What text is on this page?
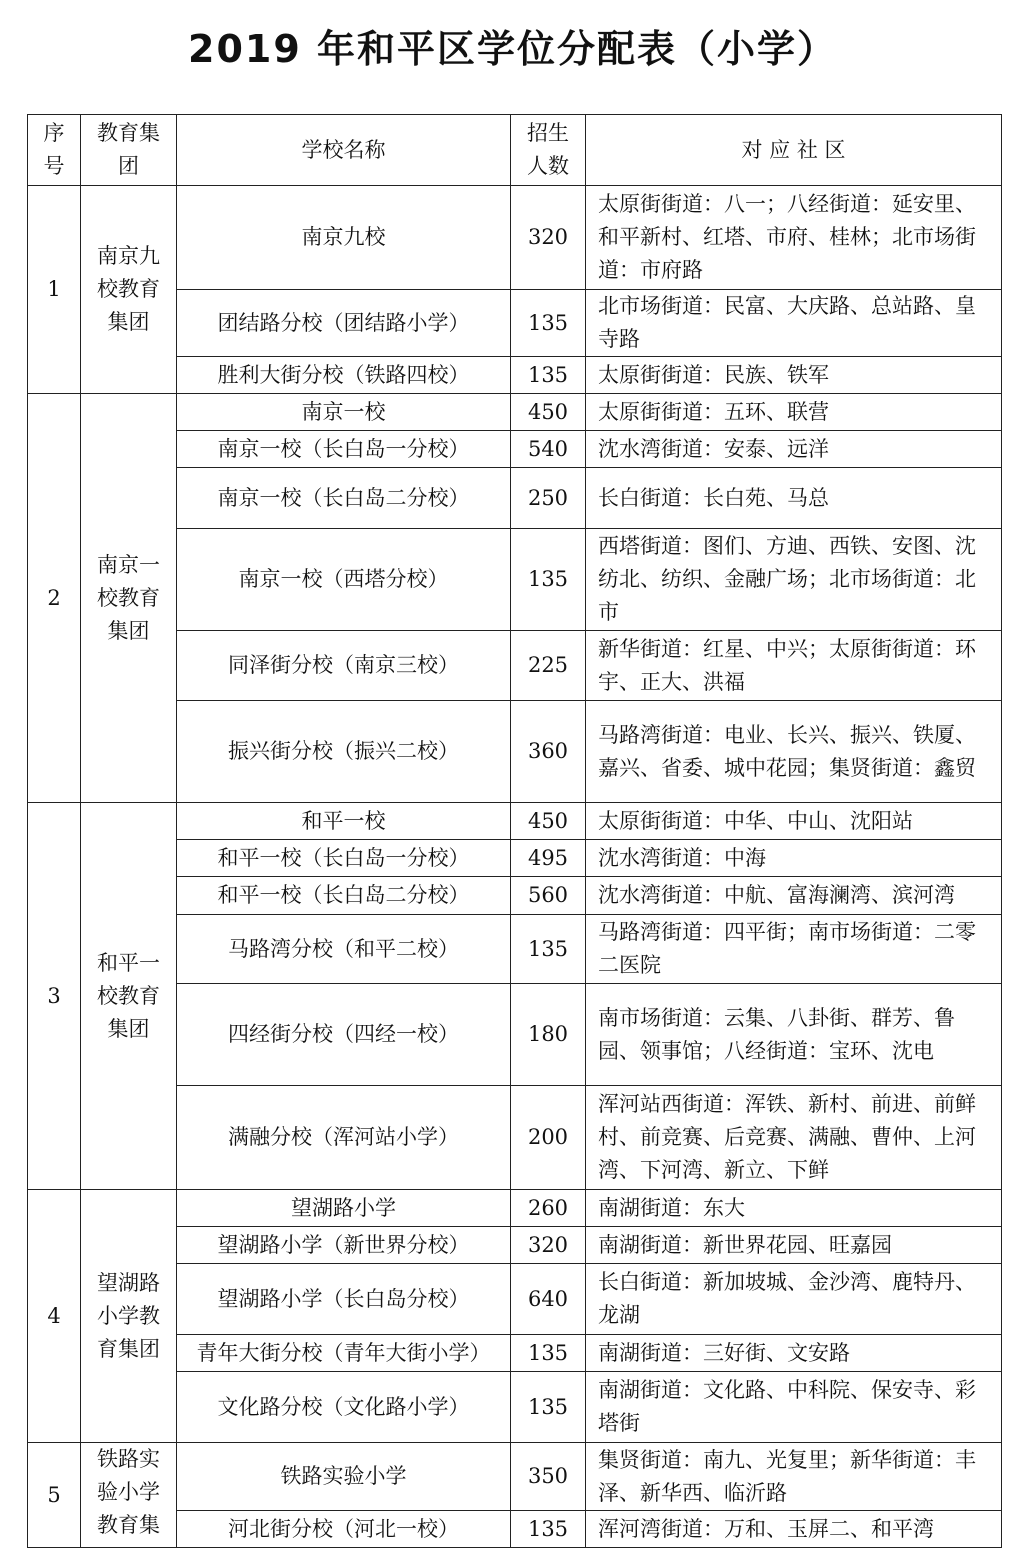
2019 年和平区学位分配表（小学）
序号	教育集团	学校名称	招生人数	对 应 社 区
1	南京九校教育集团	南京九校	320	太原街街道：八一；八经街道：延安里、和平新村、红塔、市府、桂林；北市场街道：市府路
		团结路分校（团结路小学）	135	北市场街道：民富、大庆路、总站路、皇寺路
		胜利大街分校（铁路四校）	135	太原街街道：民族、铁军
2	南京一校教育集团	南京一校	450	太原街街道：五环、联营
		南京一校（长白岛一分校）	540	沈水湾街道：安泰、远洋
		南京一校（长白岛二分校）	250	长白街道：长白苑、马总
		南京一校（西塔分校）	135	西塔街道：图们、方迪、西铁、安图、沈纺北、纺织、金融广场；北市场街道：北市
		同泽街分校（南京三校）	225	新华街道：红星、中兴；太原街街道：环宇、正大、洪福
		振兴街分校（振兴二校）	360	马路湾街道：电业、长兴、振兴、铁厦、嘉兴、省委、城中花园；集贤街道：鑫贸
3	和平一校教育集团	和平一校	450	太原街街道：中华、中山、沈阳站
		和平一校（长白岛一分校）	495	沈水湾街道：中海
		和平一校（长白岛二分校）	560	沈水湾街道：中航、富海澜湾、滨河湾
		马路湾分校（和平二校）	135	马路湾街道：四平街；南市场街道：二零二医院
		四经街分校（四经一校）	180	南市场街道：云集、八卦街、群芳、鲁园、领事馆；八经街道：宝环、沈电
		满融分校（浑河站小学）	200	浑河站西街道：浑铁、新村、前进、前鲜村、前竞赛、后竞赛、满融、曹仲、上河湾、下河湾、新立、下鲜
4	望湖路小学教育集团	望湖路小学	260	南湖街道：东大
		望湖路小学（新世界分校）	320	南湖街道：新世界花园、旺嘉园
		望湖路小学（长白岛分校）	640	长白街道：新加坡城、金沙湾、鹿特丹、龙湖
		青年大街分校（青年大街小学）	135	南湖街道：三好街、文安路
		文化路分校（文化路小学）	135	南湖街道：文化路、中科院、保安寺、彩塔街
5	铁路实验小学教育集	铁路实验小学	350	集贤街道：南九、光复里；新华街道：丰泽、新华西、临沂路
		河北街分校（河北一校）	135	浑河湾街道：万和、玉屏二、和平湾
